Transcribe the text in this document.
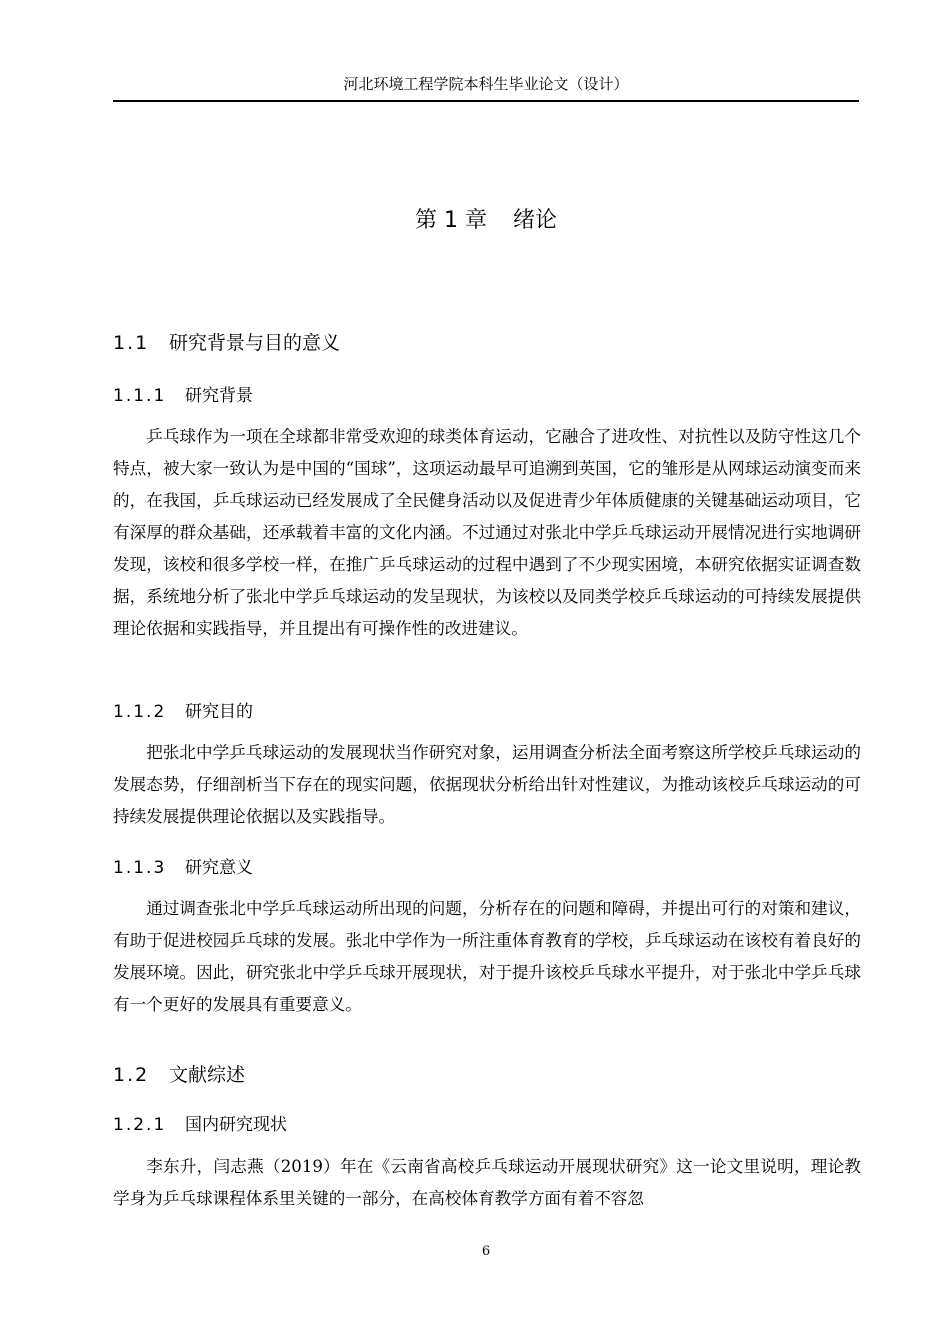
河北环境工程学院本科生毕业论文（设计）
第 1 章 绪论
1.1 研究背景与目的意义
1.1.1 研究背景

乒乓球作为一项在全球都非常受欢迎的球类体育运动，它融合了进攻性、对抗性以及防守性这几个特点，被大家一致认为是中国的“国球”，这项运动最早可追溯到英国，它的雏形是从网球运动演变而来的，在我国，乒乓球运动已经发展成了全民健身活动以及促进青少年体质健康的关键基础运动项目，它有深厚的群众基础，还承载着丰富的文化内涵。不过通过对张北中学乒乓球运动开展情况进行实地调研发现，该校和很多学校一样，在推广乒乓球运动的过程中遇到了不少现实困境，本研究依据实证调查数据，系统地分析了张北中学乒乓球运动的发呈现状，为该校以及同类学校乒乓球运动的可持续发展提供理论依据和实践指导，并且提出有可操作性的改进建议。

1.1.2 研究目的

把张北中学乒乓球运动的发展现状当作研究对象，运用调查分析法全面考察这所学校乒乓球运动的发展态势，仔细剖析当下存在的现实问题，依据现状分析给出针对性建议，为推动该校乒乓球运动的可持续发展提供理论依据以及实践指导。

1.1.3 研究意义

通过调查张北中学乒乓球运动所出现的问题，分析存在的问题和障碍，并提出可行的对策和建议，有助于促进校园乒乓球的发展。张北中学作为一所注重体育教育的学校，乒乓球运动在该校有着良好的发展环境。因此，研究张北中学乒乓球开展现状，对于提升该校乒乓球水平提升，对于张北中学乒乓球有一个更好的发展具有重要意义。

1.2 文献综述
1.2.1 国内研究现状

李东升，闫志燕（2019）年在《云南省高校乒乓球运动开展现状研究》这一论文里说明，理论教学身为乒乓球课程体系里关键的一部分，在高校体育教学方面有着不容忽

6
